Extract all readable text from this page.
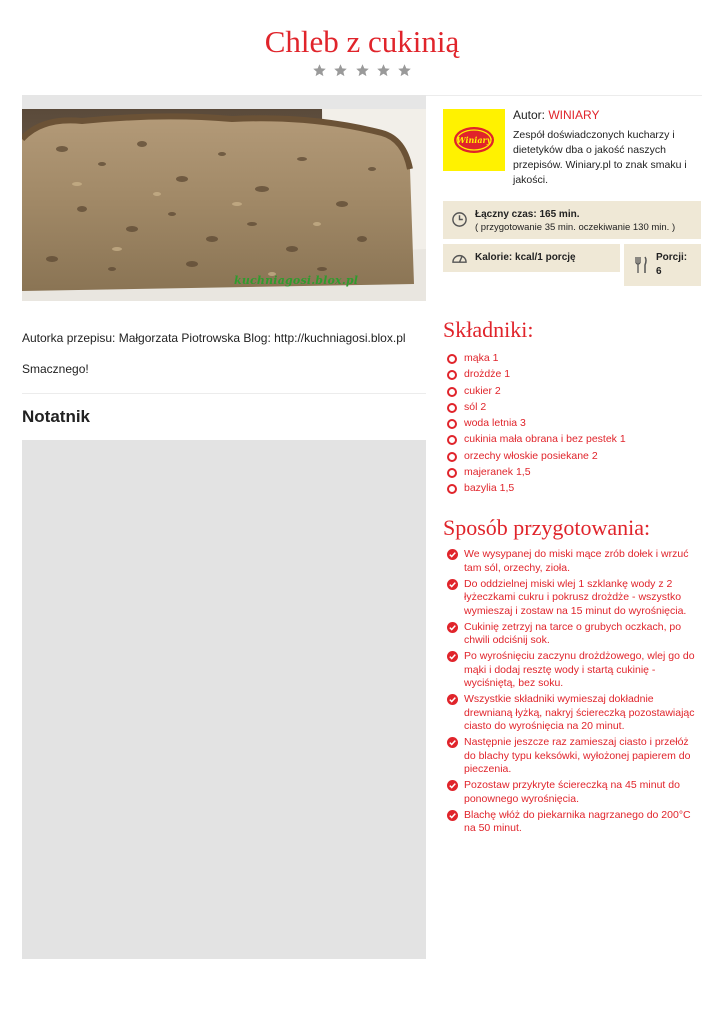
Chleb z cukinią

kuchniagosi.blox.pl

Autorka przepisu: Małgorzata Piotrowska Blog: http://kuchniagosi.blox.pl

Smacznego!

Notatnik
Winiary

Autor: WINIARY

Zespół doświadczonych kucharzy i dietetyków dba o jakość naszych przepisów. Winiary.pl to znak smaku i jakości.

Łączny czas: 165 min.

( przygotowanie 35 min. oczekiwanie 130 min. )

Kalorie: kcal/1 porcję	Porcji:

6

Składniki:
mąka 1
drożdże 1
cukier 2
sól 2
woda letnia 3
cukinia mała obrana i bez pestek 1
orzechy włoskie posiekane 2
majeranek 1,5
bazylia 1,5
Sposób przygotowania:
We wysypanej do miski mące zrób dołek i wrzuć tam sól, orzechy, zioła.
Do oddzielnej miski wlej 1 szklankę wody z 2 łyżeczkami cukru i pokrusz drożdże - wszystko wymieszaj i zostaw na 15 minut do wyrośnięcia.
Cukinię zetrzyj na tarce o grubych oczkach, po chwili odciśnij sok.
Po wyrośnięciu zaczynu drożdżowego, wlej go do mąki i dodaj resztę wody i startą cukinię - wyciśniętą, bez soku.
Wszystkie składniki wymieszaj dokładnie drewnianą łyżką, nakryj ściereczką pozostawiając ciasto do wyrośnięcia na 20 minut.
Następnie jeszcze raz zamieszaj ciasto i przełóż do blachy typu keksówki, wyłożonej papierem do pieczenia.
Pozostaw przykryte ściereczką na 45 minut do ponownego wyrośnięcia.
Blachę włóż do piekarnika nagrzanego do 200°C na 50 minut.
